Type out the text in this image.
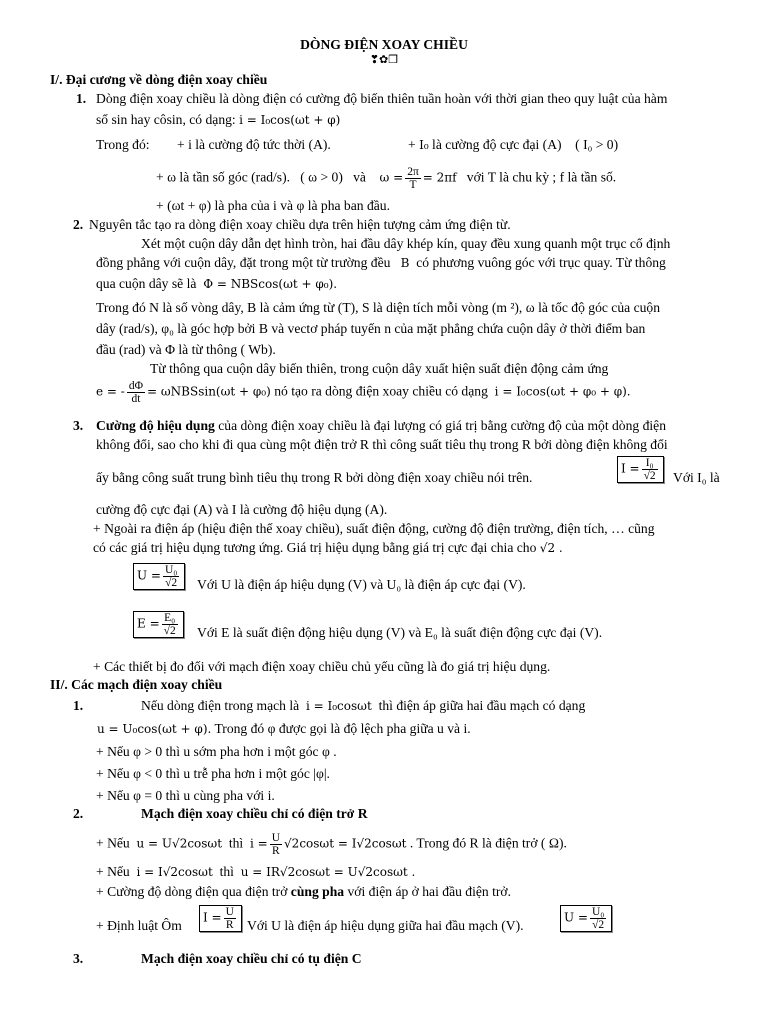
DÒNG ĐIỆN XOAY CHIỀU
❣✿❒
I/. Đại cương về dòng điện xoay chiều
1. Dòng điện xoay chiều là dòng điện có cường độ biến thiên tuần hoàn với thời gian theo quy luật của hàm
số sin hay côsin, có dạng: i = I₀cos(ωt + φ)
Trong đó: + i là cường độ tức thời (A).	+ I₀ là cường độ cực đại (A) ( I₀ > 0)
+ ω là tần số góc (rad/s). ( ω > 0) và $\omega = \frac{2\pi}{T} = 2\pi f$ với T là chu kỳ ; f là tần số.
+ (ωt + φ) là pha của i và φ là pha ban đầu.
2. Nguyên tắc tạo ra dòng điện xoay chiều dựa trên hiện tượng cảm ứng điện từ.
Xét một cuộn dây dẫn dẹt hình tròn, hai đầu dây khép kín, quay đều xung quanh một trục cố định
đồng phẳng với cuộn dây, đặt trong một từ trường đều B có phương vuông góc với trục quay. Từ thông
qua cuộn dây sẽ là Φ = NBScos(ωt + φ₀).
Trong đó N là số vòng dây, B là cảm ứng từ (T), S là diện tích mỗi vòng (m ²), ω là tốc độ góc của cuộn
dây (rad/s), φ₀ là góc hợp bởi B và vectơ pháp tuyến n của mặt phẳng chứa cuộn dây ở thời điểm ban
đầu (rad) và Φ là từ thông ( Wb).
Từ thông qua cuộn dây biến thiên, trong cuộn dây xuất hiện suất điện động cảm ứng
e = - $\frac{d\Phi}{dt} = \omega NBSsin(\omega t + \varphi_0)$ nó tạo ra dòng điện xoay chiều có dạng i = I₀cos(ωt + φ₀ + φ).
3. Cường độ hiệu dụng của dòng điện xoay chiều là đại lượng có giá trị bằng cường độ của một dòng điện
không đổi, sao cho khi đi qua cùng một điện trở R thì công suất tiêu thụ trong R bởi dòng điện không đổi
ấy bằng công suất trung bình tiêu thụ trong R bởi dòng điện xoay chiều nói trên.
$I = \frac{\text{I₀}}{√2}$ Với I₀ là
cường độ cực đại (A) và I là cường độ hiệu dụng (A).
+ Ngoài ra điện áp (hiệu điện thế xoay chiều), suất điện động, cường độ điện trường, điện tích, … cũng
có các giá trị hiệu dụng tương ứng. Giá trị hiệu dụng bằng giá trị cực đại chia cho √2 .
$U = \frac{\text{U₀}}{√2}$ Với U là điện áp hiệu dụng (V) và U₀ là điện áp cực đại (V).
$E = \frac{\text{E₀}}{√2}$ Với E là suất điện động hiệu dụng (V) và E₀ là suất điện động cực đại (V).
+ Các thiết bị đo đối với mạch điện xoay chiều chủ yếu cũng là đo giá trị hiệu dụng.
II/. Các mạch điện xoay chiều
1.	Nếu dòng điện trong mạch là i = I₀cosωt thì điện áp giữa hai đầu mạch có dạng
u = U₀cos(ωt + φ). Trong đó φ được gọi là độ lệch pha giữa u và i.
+ Nếu φ > 0 thì u sớm pha hơn i một góc φ .
+ Nếu φ < 0 thì u trễ pha hơn i một góc |φ|.
+ Nếu φ = 0 thì u cùng pha với i.
2.	Mạch điện xoay chiều chỉ có điện trở R
+ Nếu u = U√2cosωt thì $i = \frac{U}{R} √2\cos\omega t = I√2\cos\omega t$ . Trong đó R là điện trở ( Ω).
+ Nếu i = I√2cosωt thì u = IR√2cosωt = U√2cosωt .
+ Cường độ dòng điện qua điện trở cùng pha với điện áp ở hai đầu điện trở.
+ Định luật Ôm
$I = \frac{U}{R}$ Với U là điện áp hiệu dụng giữa hai đầu mạch (V).
$U = \frac{\text{U₀}}{√2}$
3.	Mạch điện xoay chiều chỉ có tụ điện C
